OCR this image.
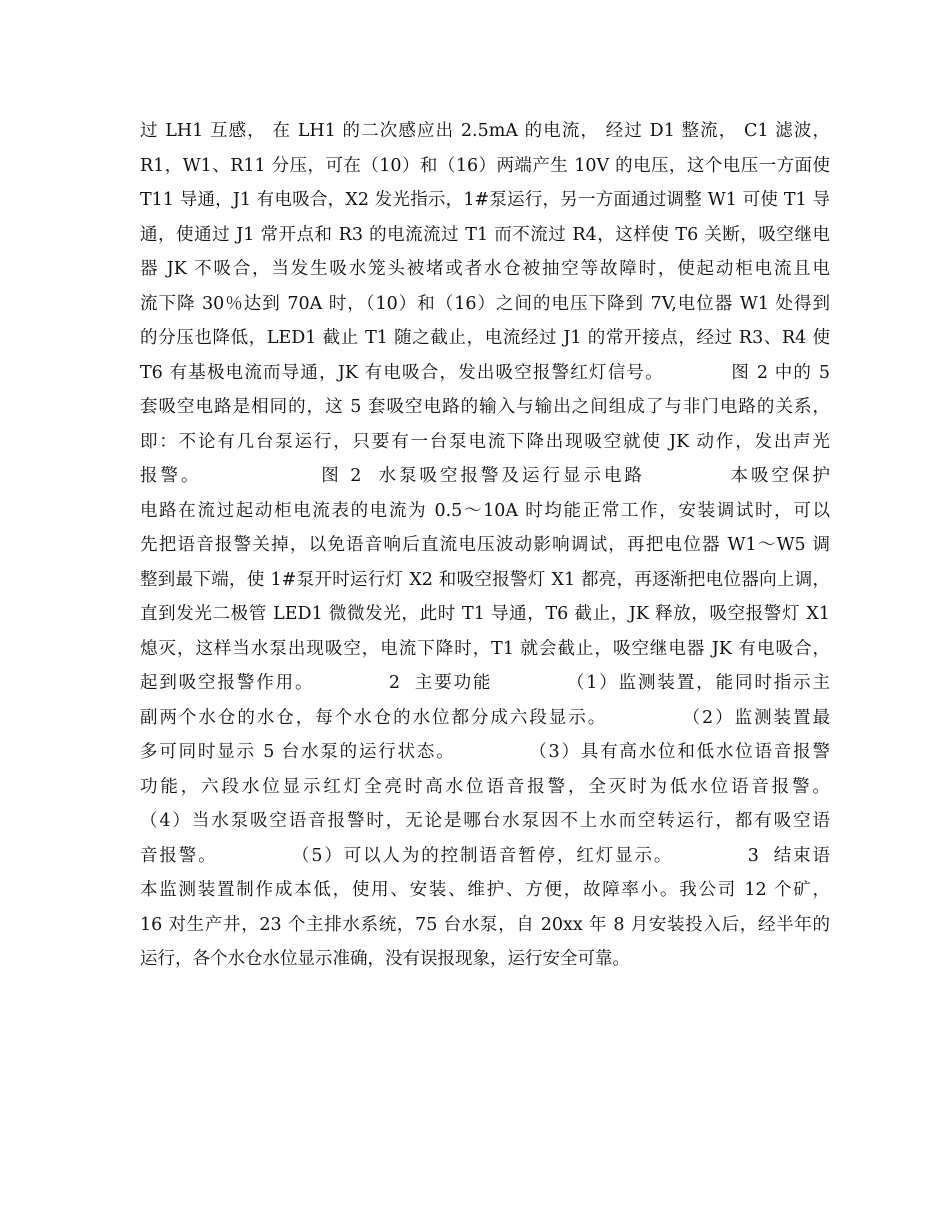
过 LH1 互感， 在 LH1 的二次感应出 2.5mA 的电流， 经过 D1 整流， C1 滤波，
R1，W1、R11 分压，可在（10）和（16）两端产生 10V 的电压，这个电压一方面使
T11 导通，J1 有电吸合，X2 发光指示，1#泵运行，另一方面通过调整 W1 可使 T1 导
通，使通过 J1 常开点和 R3 的电流流过 T1 而不流过 R4，这样使 T6 关断，吸空继电
器 JK 不吸合，当发生吸水笼头被堵或者水仓被抽空等故障时，使起动柜电流且电
流下降 30％达到 70A 时，（10）和（16）之间的电压下降到 7V,电位器 W1 处得到
的分压也降低，LED1 截止 T1 随之截止，电流经过 J1 的常开接点，经过 R3、R4 使
T6 有基极电流而导通，JK 有电吸合，发出吸空报警红灯信号。          图 2 中的 5
套吸空电路是相同的，这 5 套吸空电路的输入与输出之间组成了与非门电路的关系，
即：不论有几台泵运行，只要有一台泵电流下降出现吸空就使 JK 动作，发出声光
报警。              图 2  水泵吸空报警及运行显示电路          本吸空保护
电路在流过起动柜电流表的电流为 0.5～10A 时均能正常工作，安装调试时，可以
先把语音报警关掉，以免语音响后直流电压波动影响调试，再把电位器 W1～W5 调
整到最下端，使 1#泵开时运行灯 X2 和吸空报警灯 X1 都亮，再逐渐把电位器向上调，
直到发光二极管 LED1 微微发光，此时 T1 导通，T6 截止，JK 释放，吸空报警灯 X1
熄灭，这样当水泵出现吸空，电流下降时，T1 就会截止，吸空继电器 JK 有电吸合，
起到吸空报警作用。          2  主要功能          （1）监测装置，能同时指示主
副两个水仓的水仓，每个水仓的水位都分成六段显示。          （2）监测装置最
多可同时显示 5 台水泵的运行状态。          （3）具有高水位和低水位语音报警
功能，六段水位显示红灯全亮时高水位语音报警，全灭时为低水位语音报警。
（4）当水泵吸空语音报警时，无论是哪台水泵因不上水而空转运行，都有吸空语
音报警。          （5）可以人为的控制语音暂停，红灯显示。          3  结束语
本监测装置制作成本低，使用、安装、维护、方便，故障率小。我公司 12 个矿，
16 对生产井，23 个主排水系统，75 台水泵，自 20xx 年 8 月安装投入后，经半年的
运行，各个水仓水位显示准确，没有误报现象，运行安全可靠。
